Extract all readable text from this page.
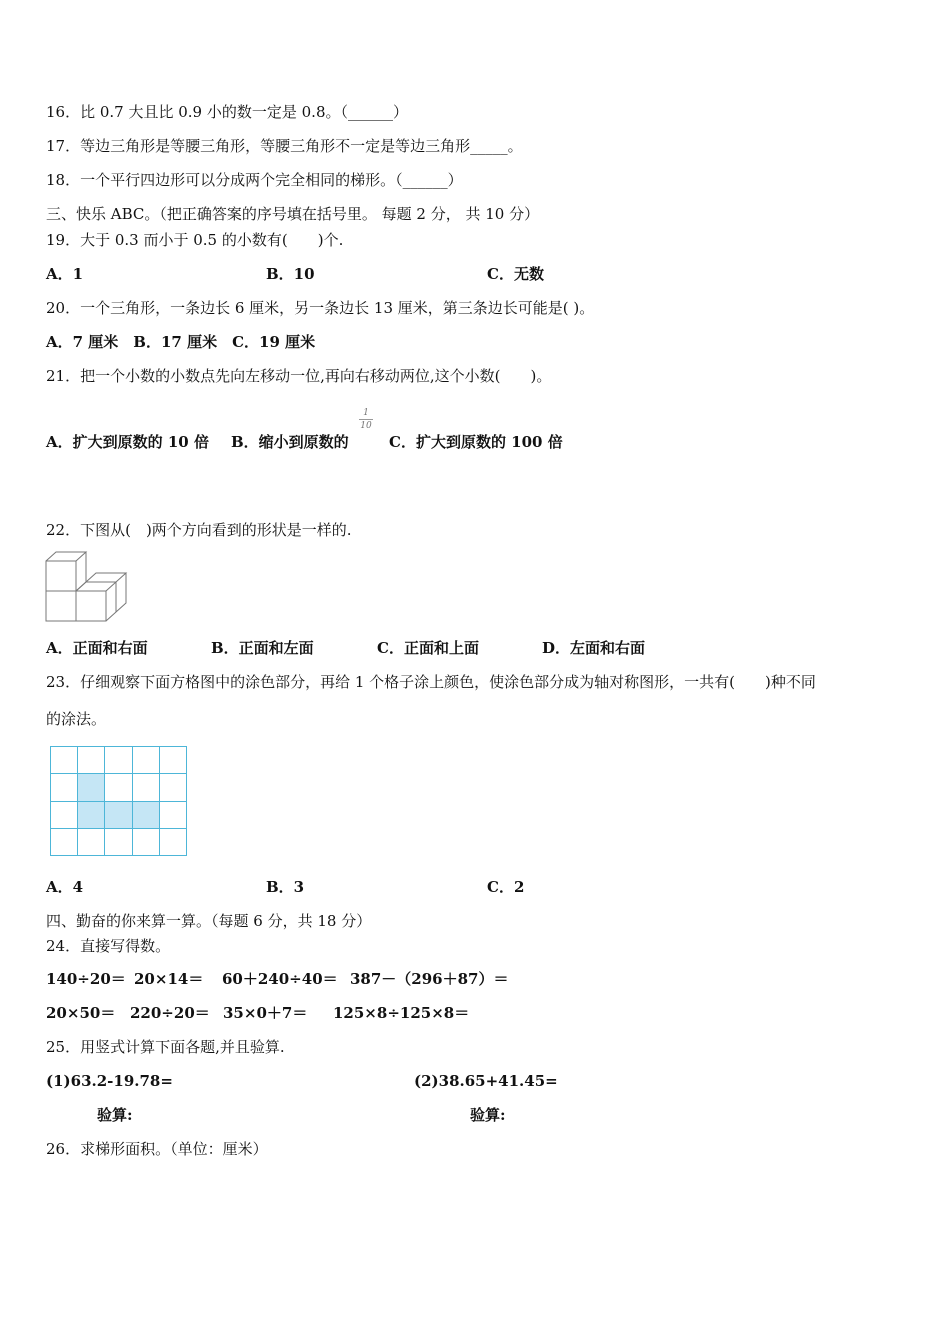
16．比 0.7 大且比 0.9 小的数一定是 0.8。（______）
17．等边三角形是等腰三角形，等腰三角形不一定是等边三角形_____。
18．一个平行四边形可以分成两个完全相同的梯形。（______）
三、快乐 ABC。（把正确答案的序号填在括号里。 每题 2 分， 共 10 分）
19．大于 0.3 而小于 0.5 的小数有(　　)个.
A．1	B．10	C．无数
20．一个三角形，一条边长 6 厘米，另一条边长 13 厘米，第三条边长可能是( )。
A．7 厘米　B．17 厘米　C．19 厘米
21．把一个小数的小数点先向左移动一位,再向右移动两位,这个小数(　　)。
A．扩大到原数的 10 倍 B．缩小到原数的
1
10
C．扩大到原数的 100 倍
22．下图从(　)两个方向看到的形状是一样的.
A．正面和右面	B．正面和左面	C．正面和上面	D．左面和右面
23．仔细观察下面方格图中的涂色部分，再给 1 个格子涂上颜色，使涂色部分成为轴对称图形，一共有(　　)种不同
的涂法。
A．4	B．3	C．2
四、勤奋的你来算一算。（每题 6 分，共 18 分）
24．直接写得数。
140÷20＝ 20×14＝ 60＋240÷40＝ 387－（296＋87）＝
20×50＝ 220÷20＝ 35×0＋7＝ 125×8÷125×8＝
25．用竖式计算下面各题,并且验算.
(1)63.2-19.78=	(2)38.65+41.45=
验算:	验算:
26．求梯形面积。（单位：厘米）
